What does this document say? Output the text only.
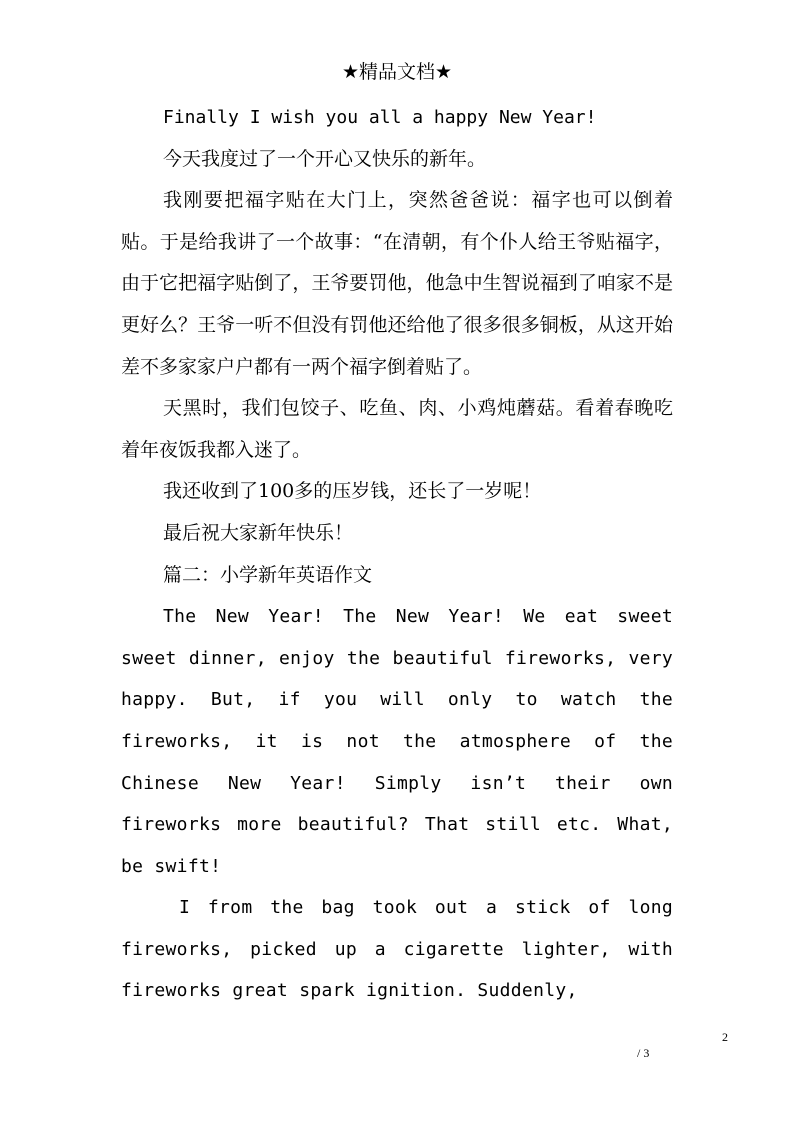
★精品文档★

Finally I wish you all a happy New Year!

今天我度过了一个开心又快乐的新年。

我刚要把福字贴在大门上，突然爸爸说：福字也可以倒着贴。于是给我讲了一个故事：“在清朝，有个仆人给王爷贴福字，由于它把福字贴倒了，王爷要罚他，他急中生智说福到了咱家不是更好么？王爷一听不但没有罚他还给他了很多很多铜板，从这开始差不多家家户户都有一两个福字倒着贴了。

天黑时，我们包饺子、吃鱼、肉、小鸡炖蘑菇。看着春晚吃着年夜饭我都入迷了。

我还收到了100多的压岁钱，还长了一岁呢！

最后祝大家新年快乐！

篇二：小学新年英语作文

The New Year! The New Year! We eat sweet sweet dinner, enjoy the beautiful fireworks, very happy. But, if you will only to watch the fireworks, it is not the atmosphere of the Chinese New Year! Simply isn’t their own fireworks more beautiful? That still etc. What, be swift!

I from the bag took out a stick of long fireworks, picked up a cigarette lighter, with fireworks great spark ignition. Suddenly,

2
/ 3
